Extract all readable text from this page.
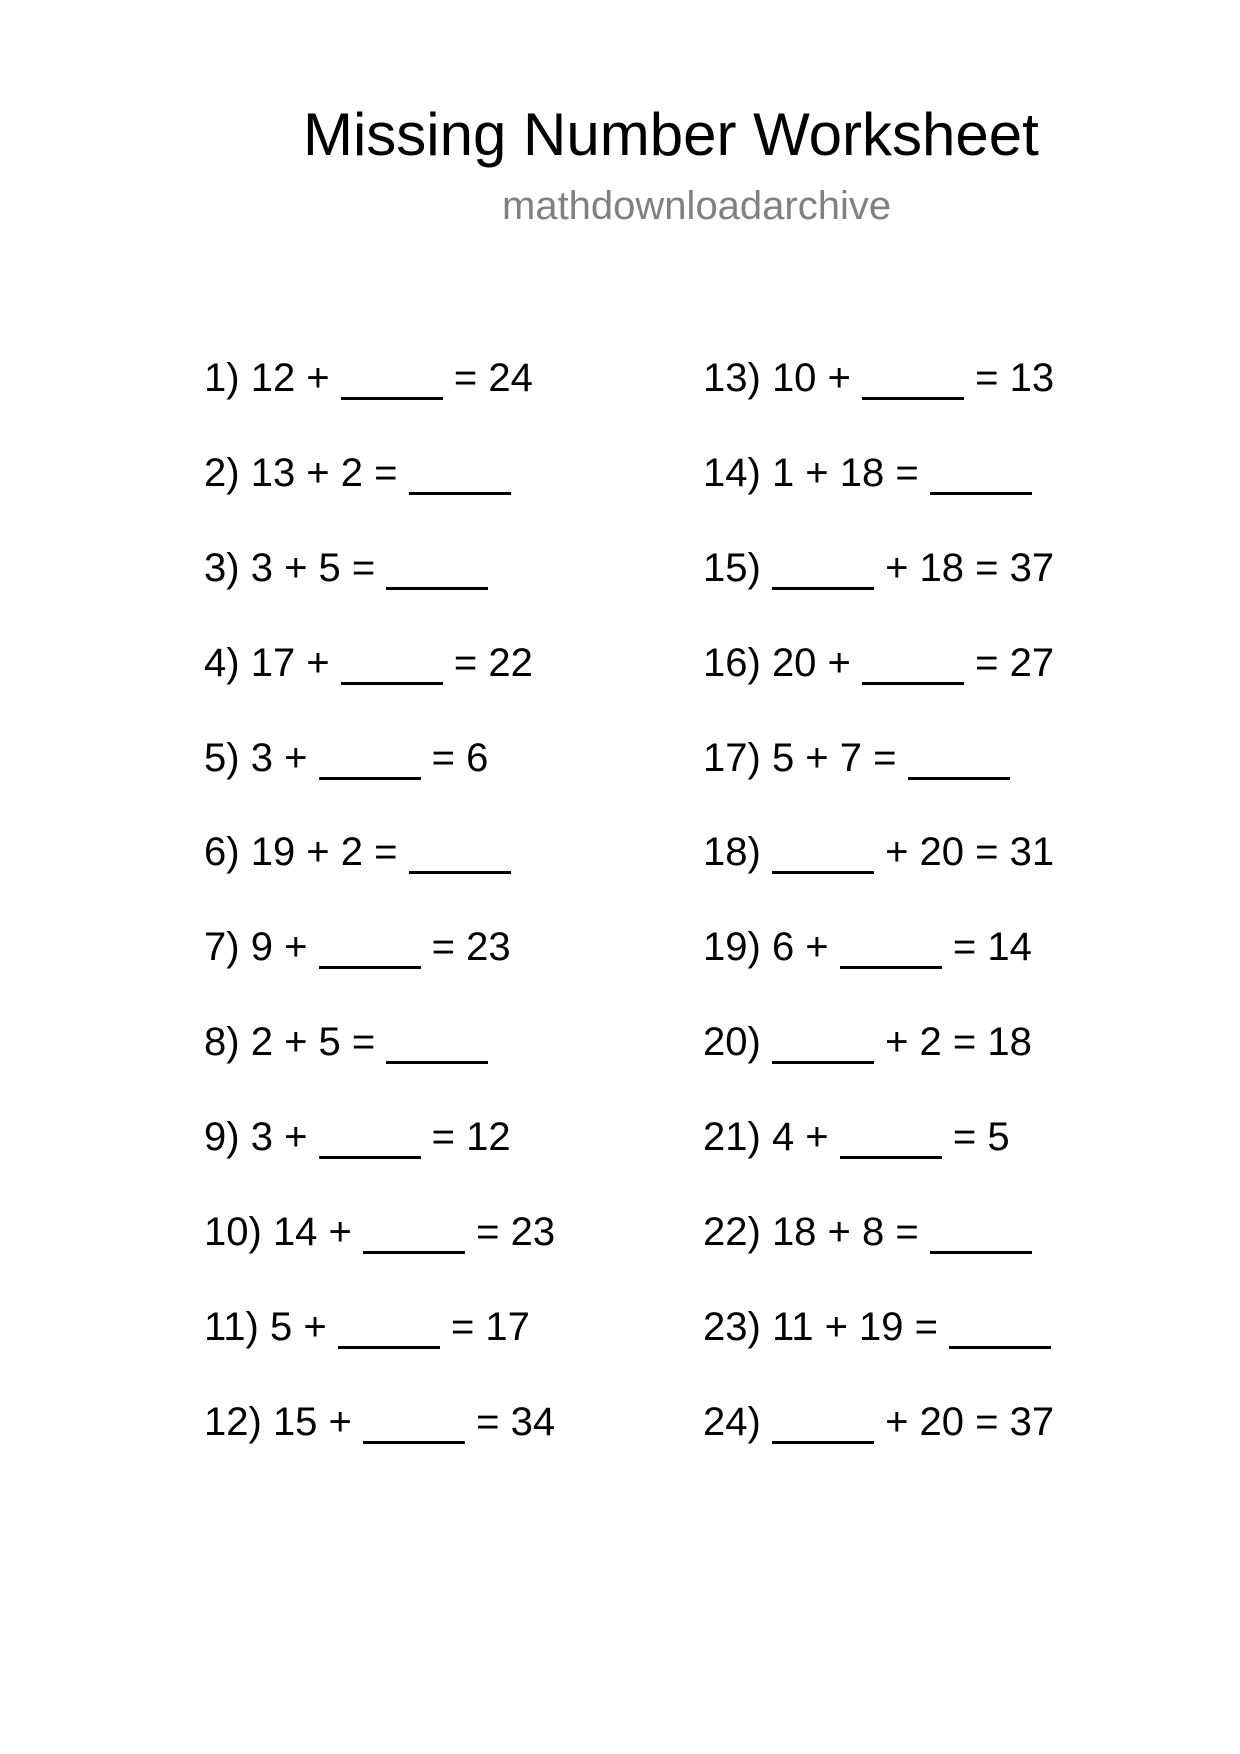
Missing Number Worksheet
mathdownloadarchive
1) 12 +	= 24
2) 13 + 2 =
3) 3 + 5 =
4) 17 +	= 22
5) 3 +	= 6
6) 19 + 2 =
7) 9 +	= 23
8) 2 + 5 =
9) 3 +	= 12
10) 14 +	= 23
11) 5 +	= 17
12) 15 +	= 34
13) 10 +	= 13
14) 1 + 18 =
15)	+ 18 = 37
16) 20 +	= 27
17) 5 + 7 =
18)	+ 20 = 31
19) 6 +	= 14
20)	+ 2 = 18
21) 4 +	= 5
22) 18 + 8 =
23) 11 + 19 =
24)	+ 20 = 37
